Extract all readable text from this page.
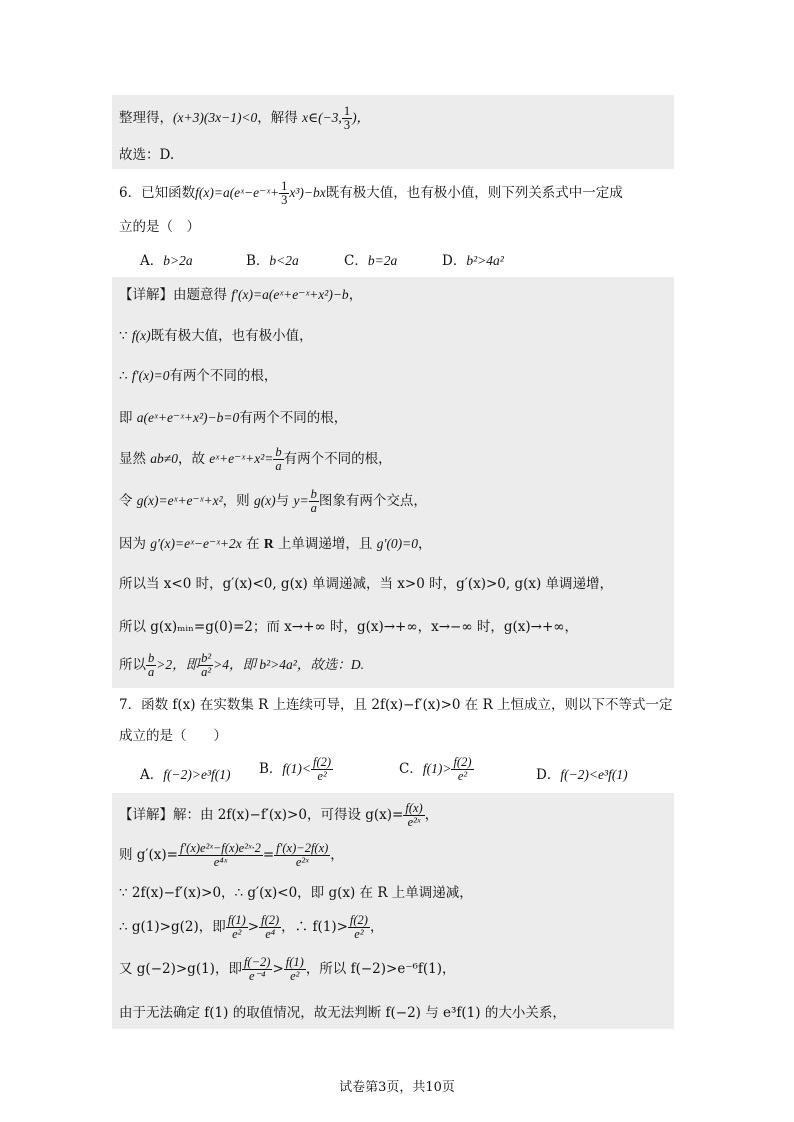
整理得，(x+3)(3x−1)<0，解得 x∈(−3, $\frac{1}{3}$ )，
故选：D.
6．已知函数f(x)=a(eˣ−e⁻ˣ+ $\frac{1}{3} x^3)-bx$既有极大值，也有极小值，则下列关系式中一定成
立的是（　）
A．b>2a	B．b<2a	C．b=2a	D．b²>4a²
【详解】由题意得 f′(x)=a(eˣ+e⁻ˣ+x²)−b，
∵ f(x)既有极大值，也有极小值，
∴ f′(x)=0有两个不同的根，
即 a(eˣ+e⁻ˣ+x²)−b=0有两个不同的根，
显然 ab≠0，故 eˣ+e⁻ˣ+x²= $\frac{b}{a}$ 有两个不同的根，
令 g(x)=eˣ+e⁻ˣ+x²，则 g(x)与 $y= \frac{b}{a}$ 图象有两个交点，
因为 g′(x)=eˣ−e⁻ˣ+2x 在 R 上单调递增，且 g′(0)=0，
所以当 x<0 时，g′(x)<0, g(x) 单调递减，当 x>0 时，g′(x)>0, g(x) 单调递增，
所以 g(x)ₘᵢₙ=g(0)=2；而 x→+∞ 时，g(x)→+∞，x→−∞ 时，g(x)→+∞，
所以 $\frac{b}{a} >2$，即 $\frac{\text{b²}}{\text{a²}} >4$，即 b²>4a²，故选：D.
7．函数 f(x) 在实数集 R 上连续可导，且 2f(x)−f′(x)>0 在 R 上恒成立，则以下不等式一定
成立的是（　　）
A．f(−2)>e³f(1) B．$f(1)< \frac{f(2)}{\text{e²}}$	C．$f(1)> \frac{f(2)}{\text{e²}}$	D．f(−2)<e³f(1)
【详解】解：由 2f(x)−f′(x)>0，可得设 $g(x)= \frac{f(x)}{\text{e²ˣ}}$ ，
则 $g'(x)= \frac{\text{f′(x)e²ˣ−f(x)e²ˣ·2}}{\text{e⁴ˣ}} = \frac{f'(x)-2f(x)}{\text{e²ˣ}}$ ，
∵ 2f(x)−f′(x)>0，∴ g′(x)<0，即 g(x) 在 R 上单调递减，
∴ g(1)>g(2)，即 $\frac{f(1)}{\text{e²}} > \frac{f(2)}{\text{e⁴}}$ ，∴ $f(1)> \frac{f(2)}{\text{e²}}$ ，
又 g(−2)>g(1)，即 $\frac{f(-2)}{\text{e⁻⁴}} > \frac{f(1)}{\text{e²}}$ ，所以 f(−2)>e⁻⁶f(1)，
由于无法确定 f(1) 的取值情况，故无法判断 f(−2) 与 e³f(1) 的大小关系，
试卷第3页，共10页
